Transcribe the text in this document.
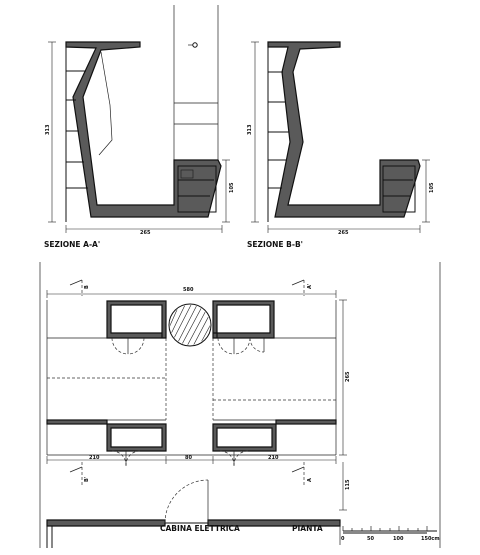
313
105
265
SEZIONE A-A'
313
105
265
SEZIONE B-B'
580
265
115
210	80	210
B	A'
B'	A
CABINA ELETTRICA	PIANTA
0	50	100	150cm
